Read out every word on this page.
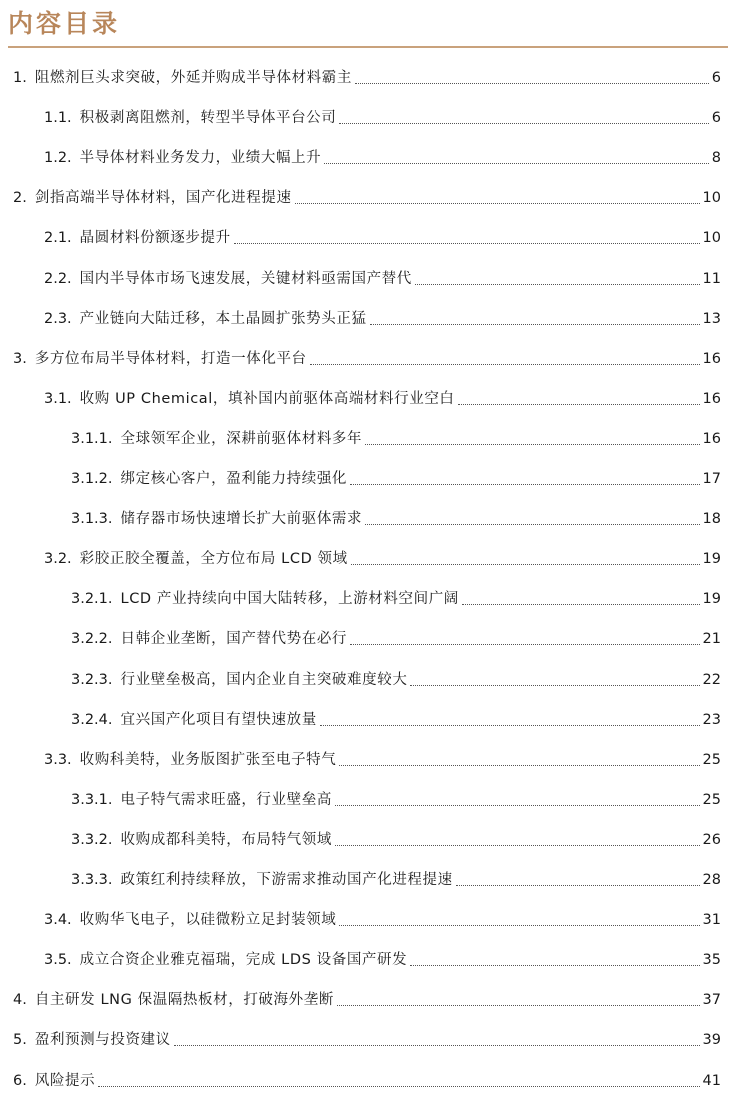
内容目录
1. 阻燃剂巨头求突破，外延并购成半导体材料霸主	6
1.1. 积极剥离阻燃剂，转型半导体平台公司	6
1.2. 半导体材料业务发力，业绩大幅上升	8
2. 剑指高端半导体材料，国产化进程提速	10
2.1. 晶圆材料份额逐步提升	10
2.2. 国内半导体市场飞速发展，关键材料亟需国产替代	11
2.3. 产业链向大陆迁移，本土晶圆扩张势头正猛	13
3. 多方位布局半导体材料，打造一体化平台	16
3.1. 收购 UP Chemical，填补国内前驱体高端材料行业空白	16
3.1.1. 全球领军企业，深耕前驱体材料多年	16
3.1.2. 绑定核心客户，盈利能力持续强化	17
3.1.3. 储存器市场快速增长扩大前驱体需求	18
3.2. 彩胶正胶全覆盖，全方位布局 LCD 领域	19
3.2.1. LCD 产业持续向中国大陆转移，上游材料空间广阔	19
3.2.2. 日韩企业垄断，国产替代势在必行	21
3.2.3. 行业壁垒极高，国内企业自主突破难度较大	22
3.2.4. 宜兴国产化项目有望快速放量	23
3.3. 收购科美特，业务版图扩张至电子特气	25
3.3.1. 电子特气需求旺盛，行业壁垒高	25
3.3.2. 收购成都科美特，布局特气领域	26
3.3.3. 政策红利持续释放，下游需求推动国产化进程提速	28
3.4. 收购华飞电子，以硅微粉立足封装领域	31
3.5. 成立合资企业雅克福瑞，完成 LDS 设备国产研发	35
4. 自主研发 LNG 保温隔热板材，打破海外垄断	37
5. 盈利预测与投资建议	39
6. 风险提示	41
